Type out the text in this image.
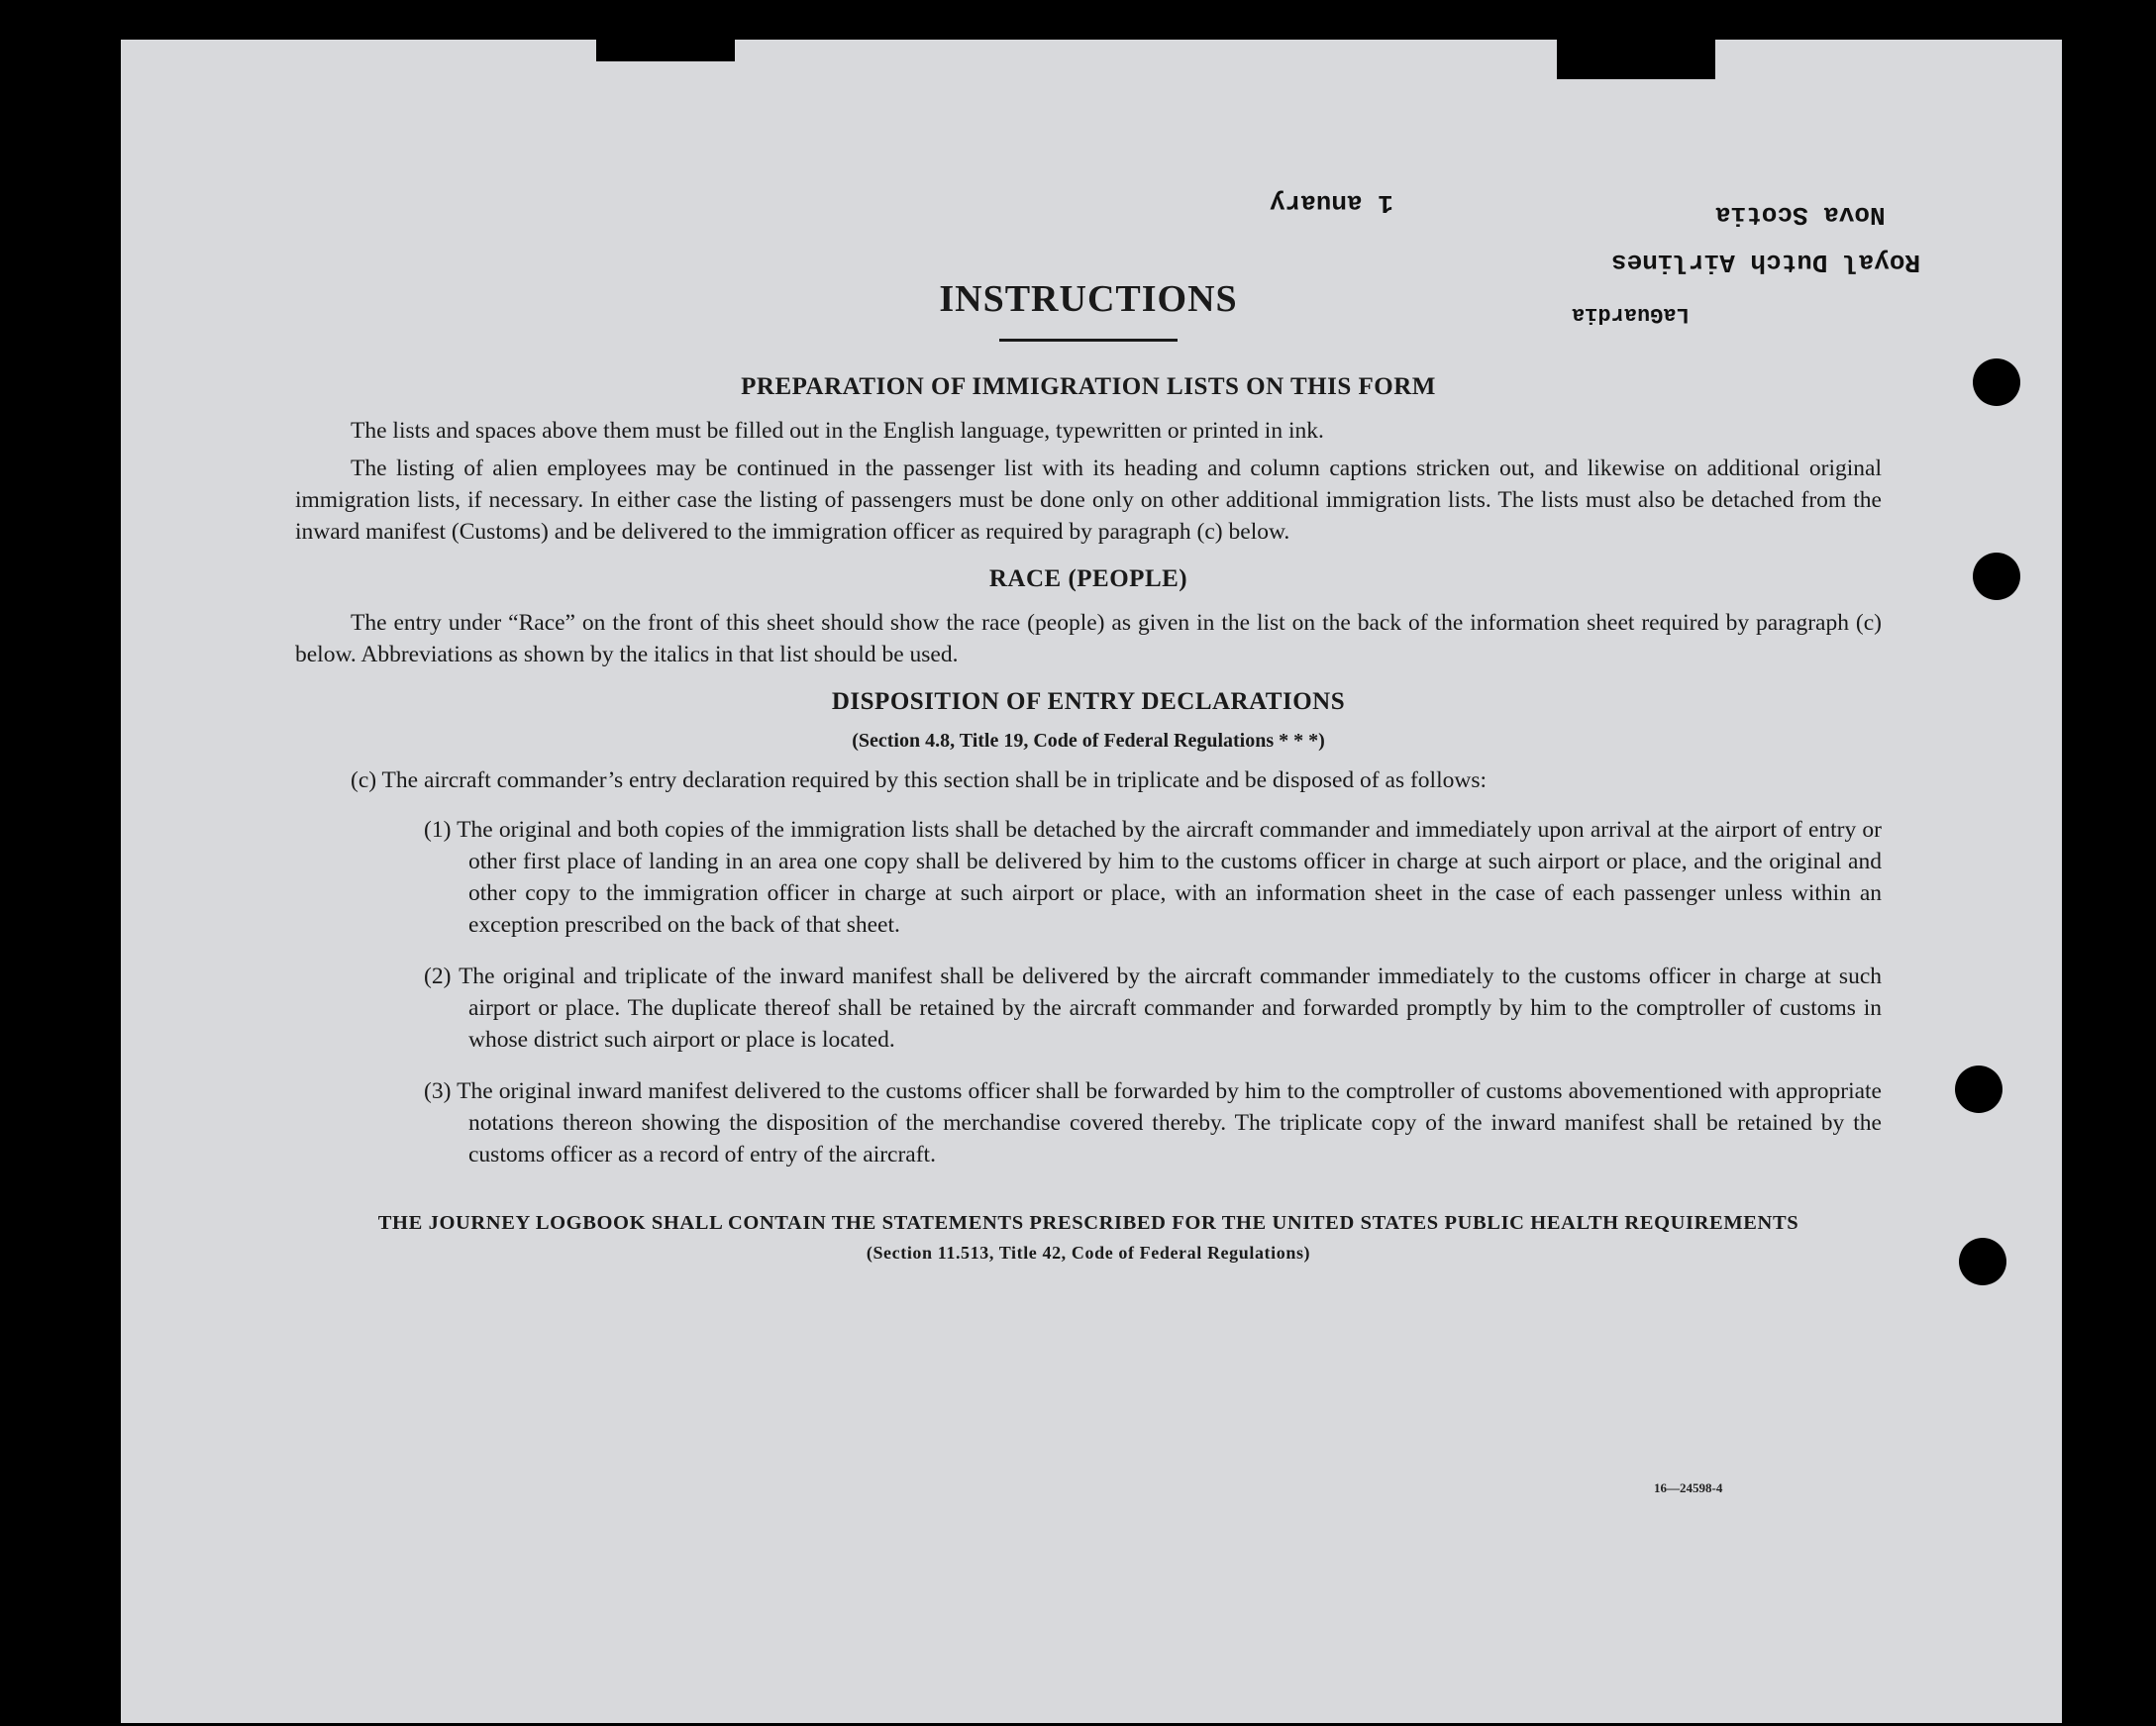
1 anuary	Nova Scotia
Royal Dutch Airlines
LaGuardia
INSTRUCTIONS
PREPARATION OF IMMIGRATION LISTS ON THIS FORM

The lists and spaces above them must be filled out in the English language, typewritten or printed in ink.

The listing of alien employees may be continued in the passenger list with its heading and column captions stricken out, and likewise on additional original immigration lists, if necessary. In either case the listing of passengers must be done only on other additional immigration lists. The lists must also be detached from the inward manifest (Customs) and be delivered to the immigration officer as required by paragraph (c) below.

RACE (PEOPLE)

The entry under “Race” on the front of this sheet should show the race (people) as given in the list on the back of the information sheet required by paragraph (c) below. Abbreviations as shown by the italics in that list should be used.

DISPOSITION OF ENTRY DECLARATIONS
(Section 4.8, Title 19, Code of Federal Regulations * * *)

(c) The aircraft commander’s entry declaration required by this section shall be in triplicate and be disposed of as follows:

(1) The original and both copies of the immigration lists shall be detached by the aircraft commander and immediately upon arrival at the airport of entry or other first place of landing in an area one copy shall be delivered by him to the customs officer in charge at such airport or place, and the original and other copy to the immigration officer in charge at such airport or place, with an information sheet in the case of each passenger unless within an exception prescribed on the back of that sheet.

(2) The original and triplicate of the inward manifest shall be delivered by the aircraft commander immediately to the customs officer in charge at such airport or place. The duplicate thereof shall be retained by the aircraft commander and forwarded promptly by him to the comptroller of customs in whose district such airport or place is located.

(3) The original inward manifest delivered to the customs officer shall be forwarded by him to the comptroller of customs abovementioned with appropriate notations thereon showing the disposition of the merchandise covered thereby. The triplicate copy of the inward manifest shall be retained by the customs officer as a record of entry of the aircraft.

THE JOURNEY LOGBOOK SHALL CONTAIN THE STATEMENTS PRESCRIBED FOR THE UNITED STATES PUBLIC HEALTH REQUIREMENTS

(Section 11.513, Title 42, Code of Federal Regulations)

16—24598-4
